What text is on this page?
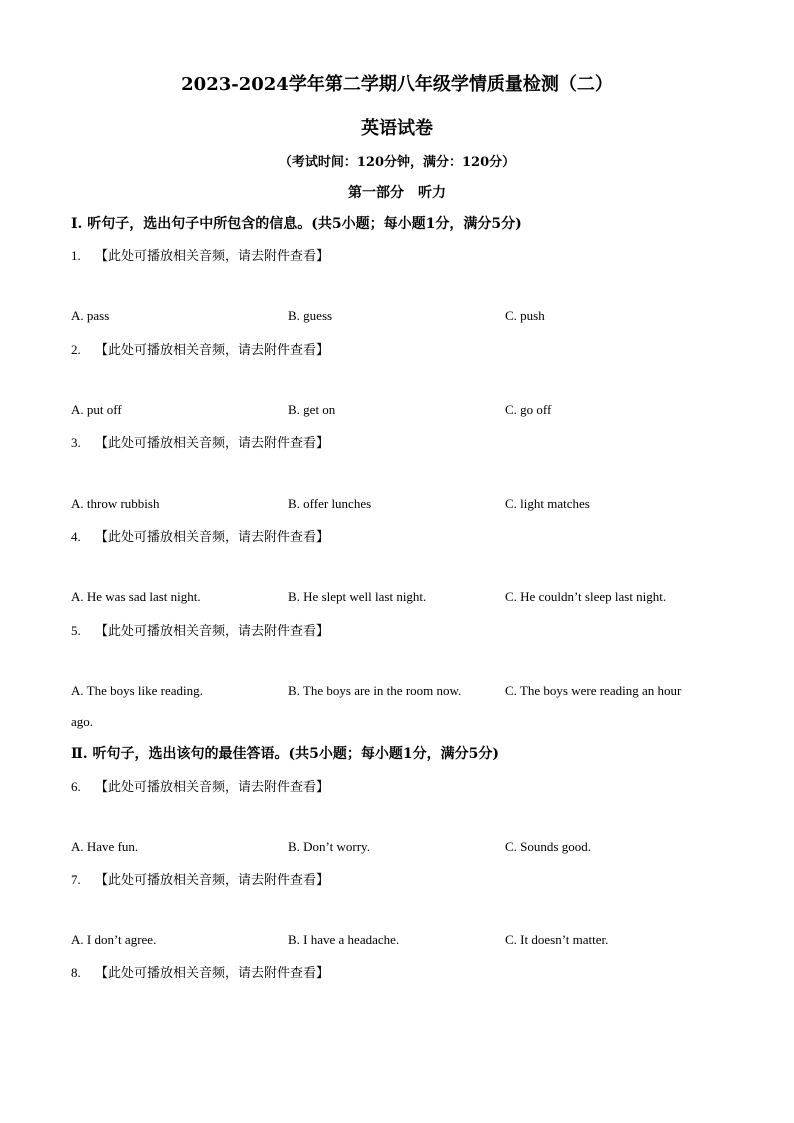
2023-2024学年第二学期八年级学情质量检测（二）
英语试卷
（考试时间：120分钟，满分：120分）
第一部分　听力
I. 听句子，选出句子中所包含的信息。(共5小题；每小题1分，满分5分)
1. 【此处可播放相关音频，请去附件查看】
A. pass	B. guess	C. push
2. 【此处可播放相关音频，请去附件查看】
A. put off	B. get on	C. go off
3. 【此处可播放相关音频，请去附件查看】
A. throw rubbish	B. offer lunches	C. light matches
4. 【此处可播放相关音频，请去附件查看】
A. He was sad last night.	B. He slept well last night.	C. He couldn’t sleep last night.
5. 【此处可播放相关音频，请去附件查看】
A. The boys like reading.	B. The boys are in the room now.	C. The boys were reading an hour
ago.
Ⅱ. 听句子，选出该句的最佳答语。(共5小题；每小题1分，满分5分)
6. 【此处可播放相关音频，请去附件查看】
A. Have fun.	B. Don’t worry.	C. Sounds good.
7. 【此处可播放相关音频，请去附件查看】
A. I don’t agree.	B. I have a headache.	C. It doesn’t matter.
8. 【此处可播放相关音频，请去附件查看】
